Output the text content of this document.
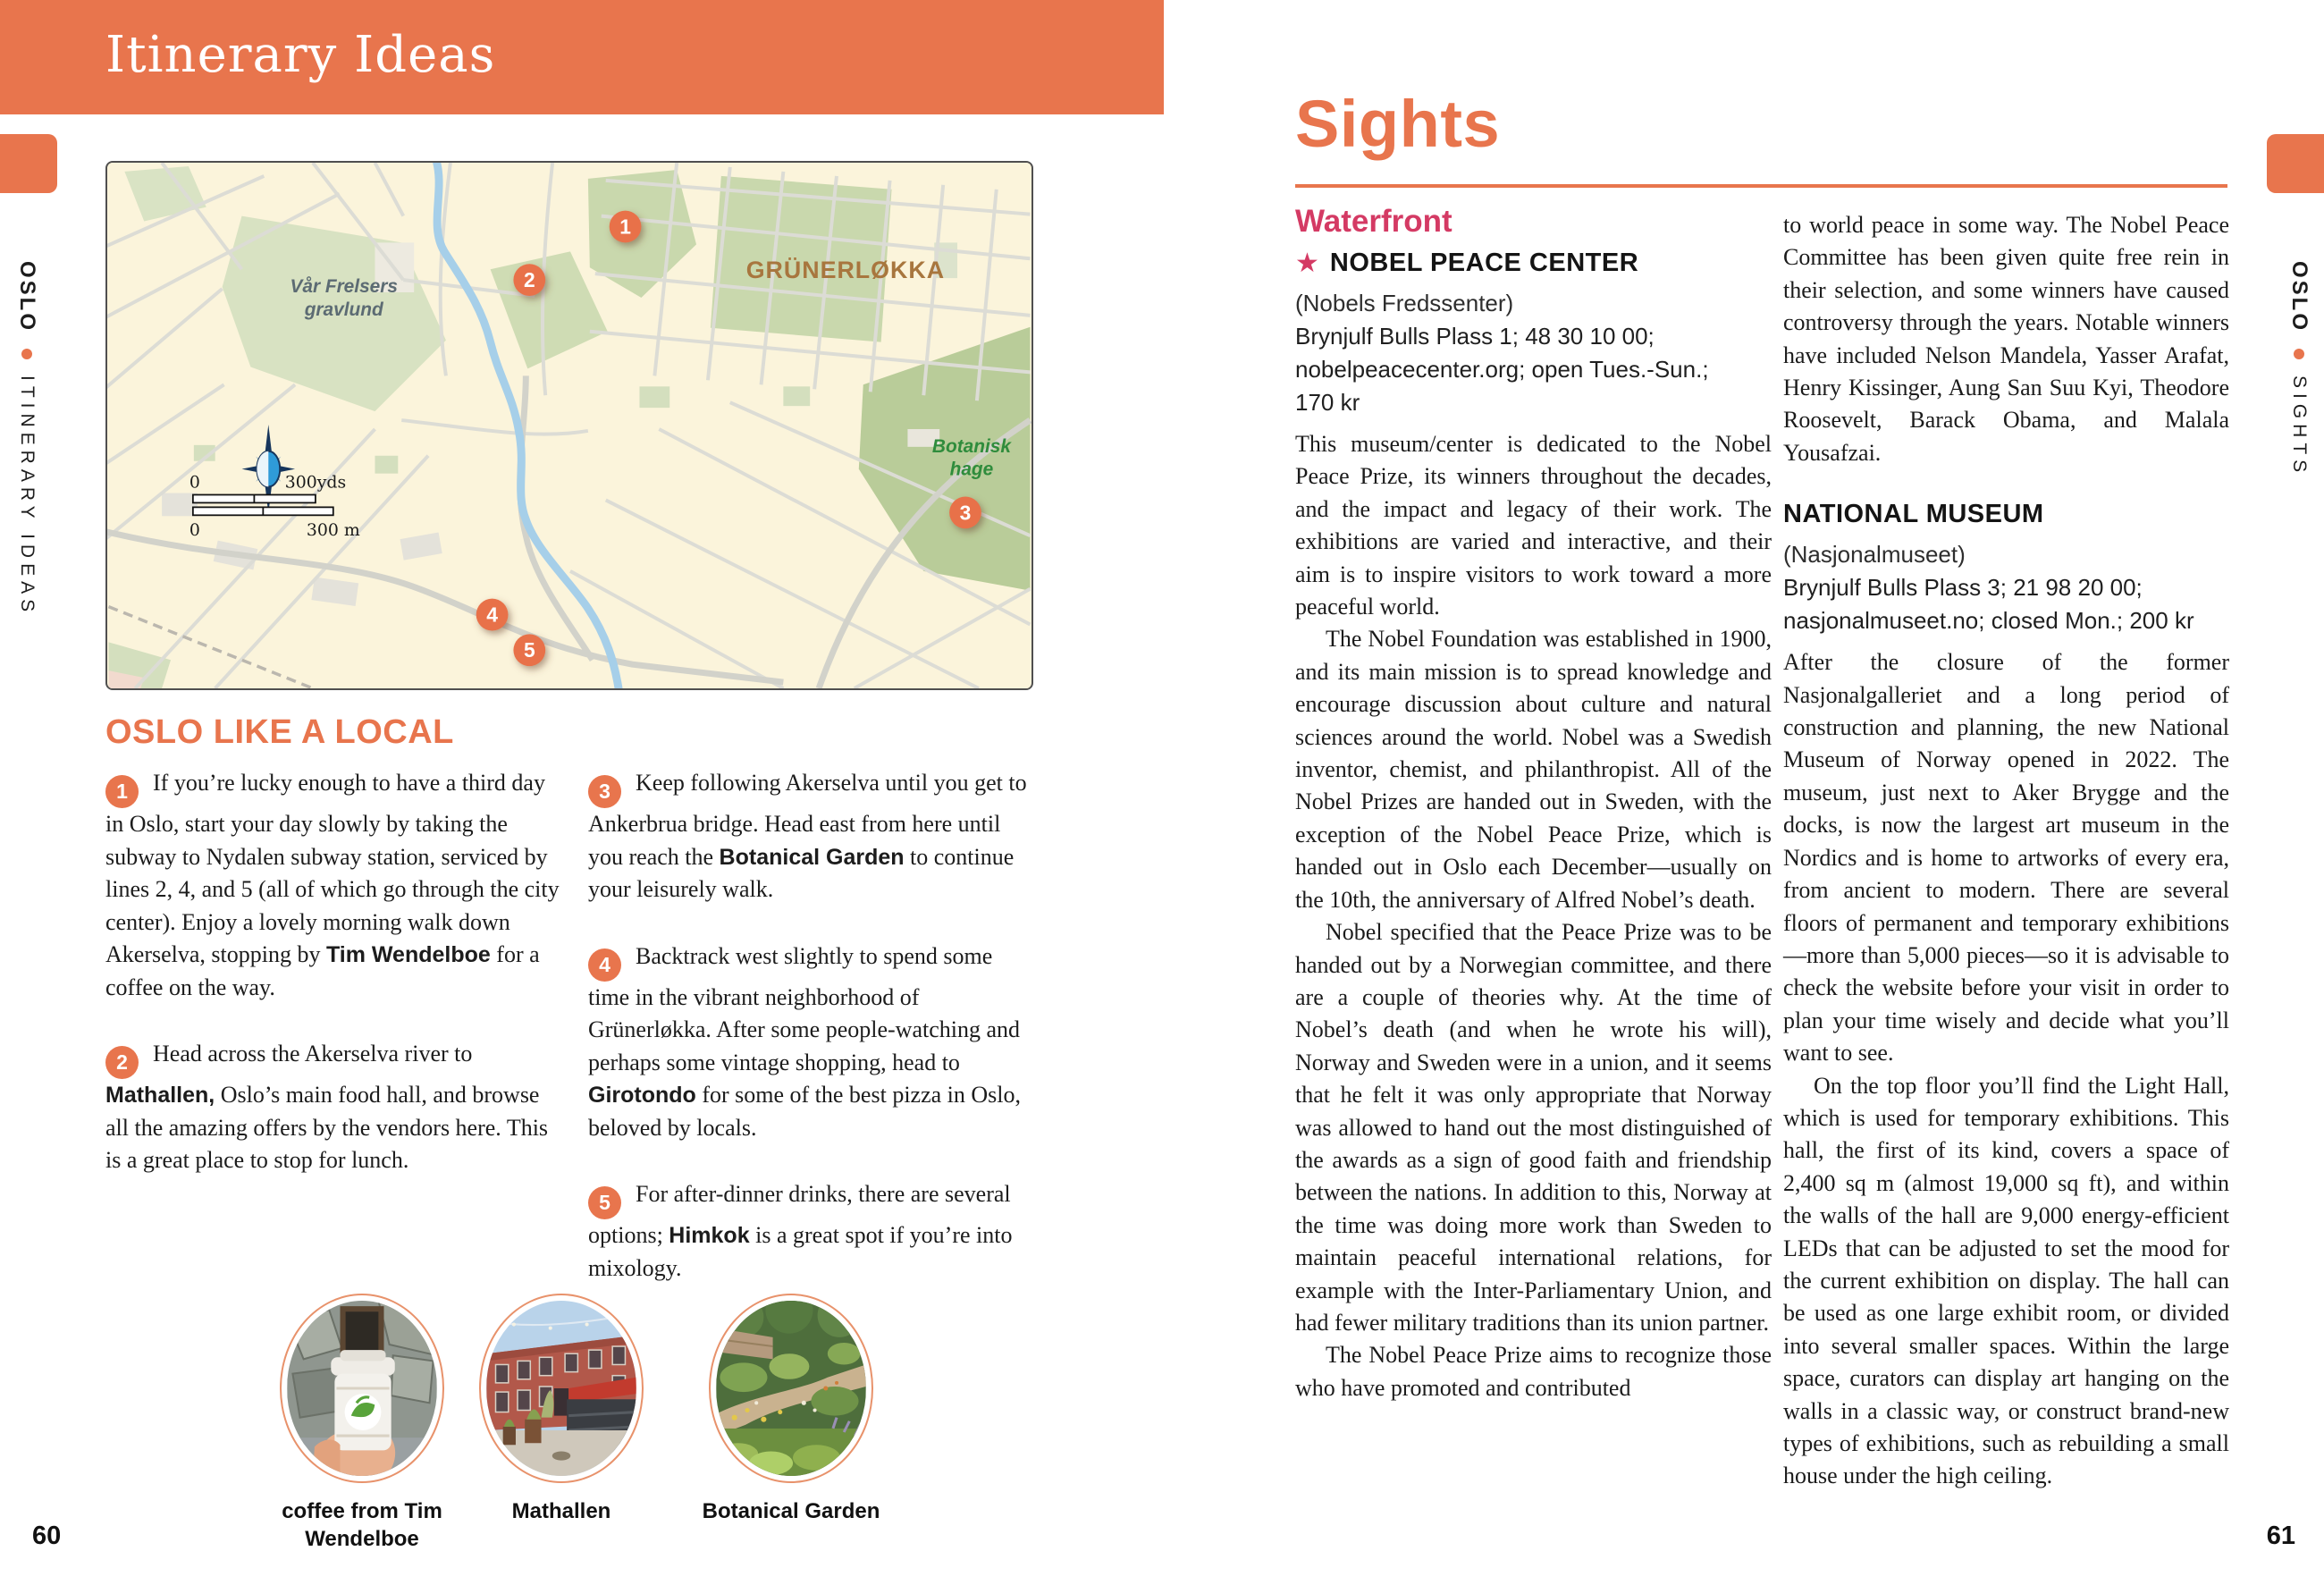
Itinerary Ideas
OSLO
ITINERARY IDEAS
Vår Frelsers
gravlund
GRÜNERLØKKA
Botanisk
hage
0	300yds
0	300 m
1
2
3
4
5
OSLO LIKE A LOCAL

1 If you’re lucky enough to have a third day in Oslo, start your day slowly by taking the subway to Nydalen subway station, serviced by lines 2, 4, and 5 (all of which go through the city center). Enjoy a lovely morning walk down Akerselva, stopping by Tim Wendelboe for a coffee on the way.

2 Head across the Akerselva river to Mathallen, Oslo’s main food hall, and browse all the amazing offers by the vendors here. This is a great place to stop for lunch.

3 Keep following Akerselva until you get to Ankerbrua bridge. Head east from here until you reach the Botanical Garden to continue your leisurely walk.

4 Backtrack west slightly to spend some time in the vibrant neighborhood of Grünerløkka. After some people-watching and perhaps some vintage shopping, head to Girotondo for some of the best pizza in Oslo, beloved by locals.

5 For after-dinner drinks, there are several options; Himkok is a great spot if you’re into mixology.

coffee from Tim Wendelboe
Mathallen	Botanical Garden
60
Sights
OSLO
SIGHTS
Waterfront
★ NOBEL PEACE CENTER
(Nobels Fredssenter)
Brynjulf Bulls Plass 1; 48 30 10 00;
nobelpeacecenter.org; open Tues.-Sun.;
170 kr

This museum/center is dedicated to the Nobel Peace Prize, its winners throughout the decades, and the impact and legacy of their work. The exhibitions are varied and interactive, and their aim is to inspire visitors to work toward a more peaceful world.

The Nobel Foundation was established in 1900, and its main mission is to spread knowledge and encourage discussion about culture and natural sciences around the world. Nobel was a Swedish inventor, chemist, and philanthropist. All of the Nobel Prizes are handed out in Sweden, with the exception of the Nobel Peace Prize, which is handed out in Oslo each December—usually on the 10th, the anniversary of Alfred Nobel’s death.

Nobel specified that the Peace Prize was to be handed out by a Norwegian committee, and there are a couple of theories why. At the time of Nobel’s death (and when he wrote his will), Norway and Sweden were in a union, and it seems that he felt it was only appropriate that Norway was allowed to hand out the most distinguished of the awards as a sign of good faith and friendship between the nations. In addition to this, Norway at the time was doing more work than Sweden to maintain peaceful international relations, for example with the Inter-Parliamentary Union, and had fewer military traditions than its union partner.

The Nobel Peace Prize aims to recognize those who have promoted and contributed

to world peace in some way. The Nobel Peace Committee has been given quite free rein in their selection, and some winners have caused controversy through the years. Notable winners have included Nelson Mandela, Yasser Arafat, Henry Kissinger, Aung San Suu Kyi, Theodore Roosevelt, Barack Obama, and Malala Yousafzai.

NATIONAL MUSEUM
(Nasjonalmuseet)
Brynjulf Bulls Plass 3; 21 98 20 00;
nasjonalmuseet.no; closed Mon.; 200 kr

After the closure of the former Nasjonalgalleriet and a long period of construction and planning, the new National Museum of Norway opened in 2022. The museum, just next to Aker Brygge and the docks, is now the largest art museum in the Nordics and is home to artworks of every era, from ancient to modern. There are several floors of permanent and temporary exhibitions—more than 5,000 pieces—so it is advisable to check the website before your visit in order to plan your time wisely and decide what you’ll want to see.

On the top floor you’ll find the Light Hall, which is used for temporary exhibitions. This hall, the first of its kind, covers a space of 2,400 sq m (almost 19,000 sq ft), and within the walls of the hall are 9,000 energy-efficient LEDs that can be adjusted to set the mood for the current exhibition on display. The hall can be used as one large exhibit room, or divided into several smaller spaces. Within the large space, curators can display art hanging on the walls in a classic way, or construct brand-new types of exhibitions, such as rebuilding a small house under the high ceiling.

61
